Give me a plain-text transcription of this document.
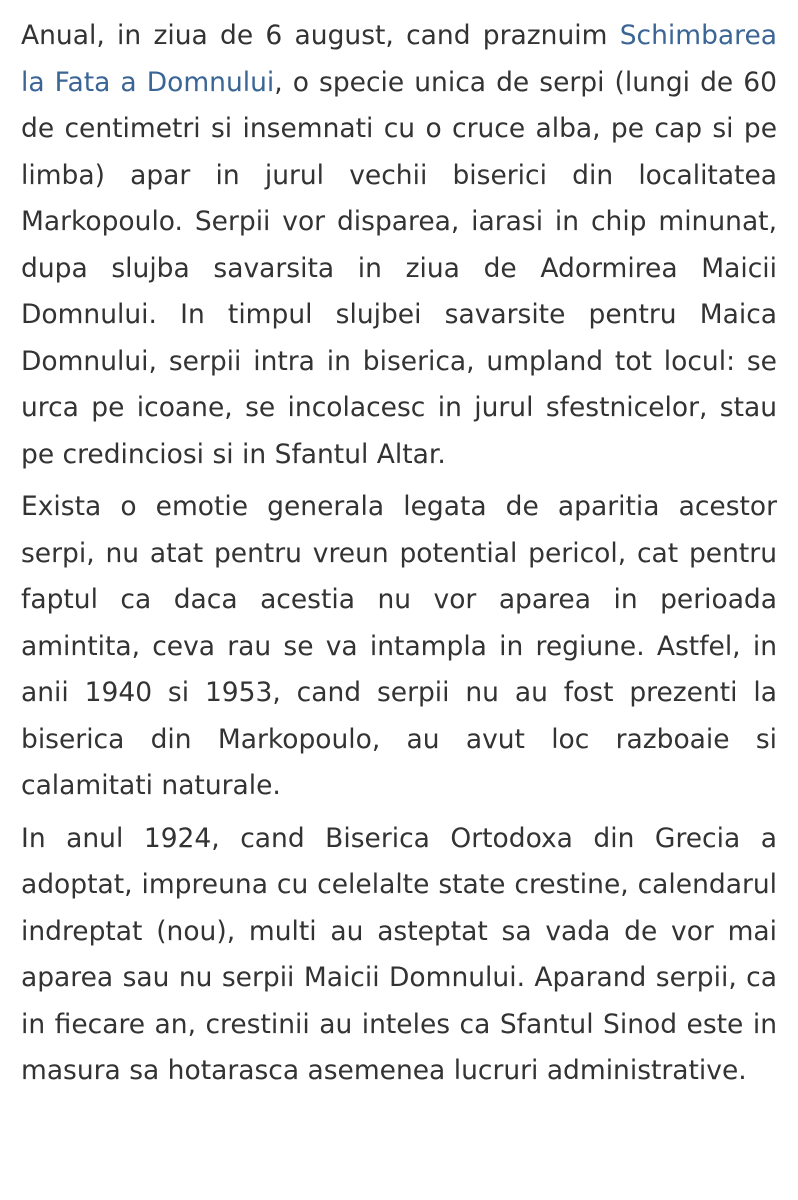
Anual, in ziua de 6 august, cand praznuim Schimbarea la Fata a Domnului, o specie unica de serpi (lungi de 60 de centimetri si insemnati cu o cruce alba, pe cap si pe limba) apar in jurul vechii biserici din localitatea Markopoulo. Serpii vor disparea, iarasi in chip minunat, dupa slujba savarsita in ziua de Adormirea Maicii Domnului. In timpul slujbei savarsite pentru Maica Domnului, serpii intra in biserica, umpland tot locul: se urca pe icoane, se incolacesc in jurul sfestnicelor, stau pe credinciosi si in Sfantul Altar.

Exista o emotie generala legata de aparitia acestor serpi, nu atat pentru vreun potential pericol, cat pentru faptul ca daca acestia nu vor aparea in perioada amintita, ceva rau se va intampla in regiune. Astfel, in anii 1940 si 1953, cand serpii nu au fost prezenti la biserica din Markopoulo, au avut loc razboaie si calamitati naturale.

In anul 1924, cand Biserica Ortodoxa din Grecia a adoptat, impreuna cu celelalte state crestine, calendarul indreptat (nou), multi au asteptat sa vada de vor mai aparea sau nu serpii Maicii Domnului. Aparand serpii, ca in fiecare an, crestinii au inteles ca Sfantul Sinod este in masura sa hotarasca asemenea lucruri administrative.
